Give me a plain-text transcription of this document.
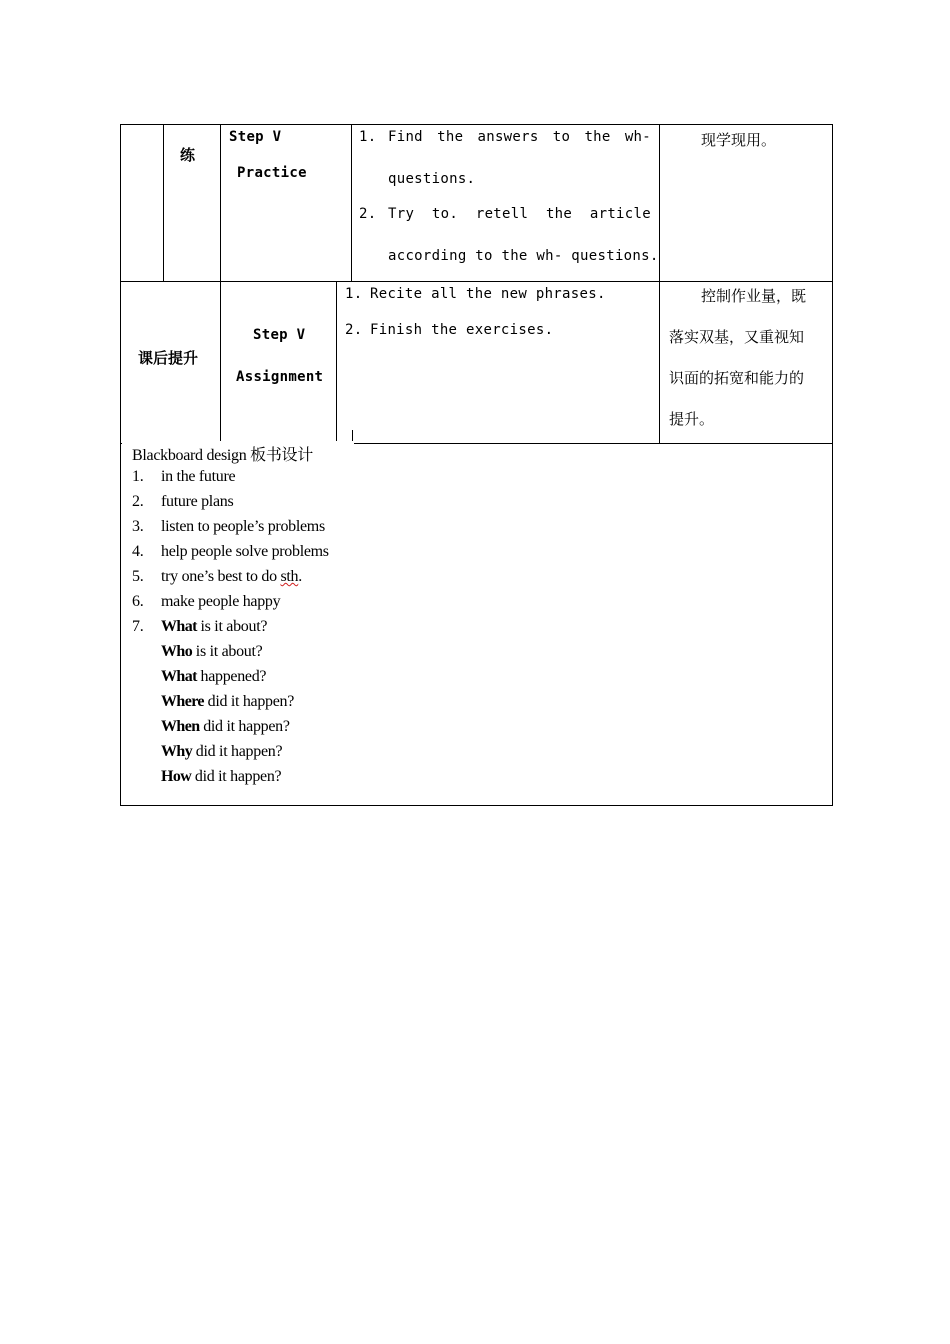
练
Step V
Practice
1. Find the answers to the wh-
questions.
2. Try to. retell the article
according to the wh- questions.
现学现用。
课后提升
Step V
Assignment
1. Recite all the new phrases.
2. Finish the exercises.
控制作业量，既
落实双基，又重视知
识面的拓宽和能力的
提升。
Blackboard design 板书设计
1. in the future
2. future plans
3. listen to people’s problems
4. help people solve problems
5. try one’s best to do sth.
6. make people happy
7. What is it about?
Who is it about?
What happened?
Where did it happen?
When did it happen?
Why did it happen?
How did it happen?
